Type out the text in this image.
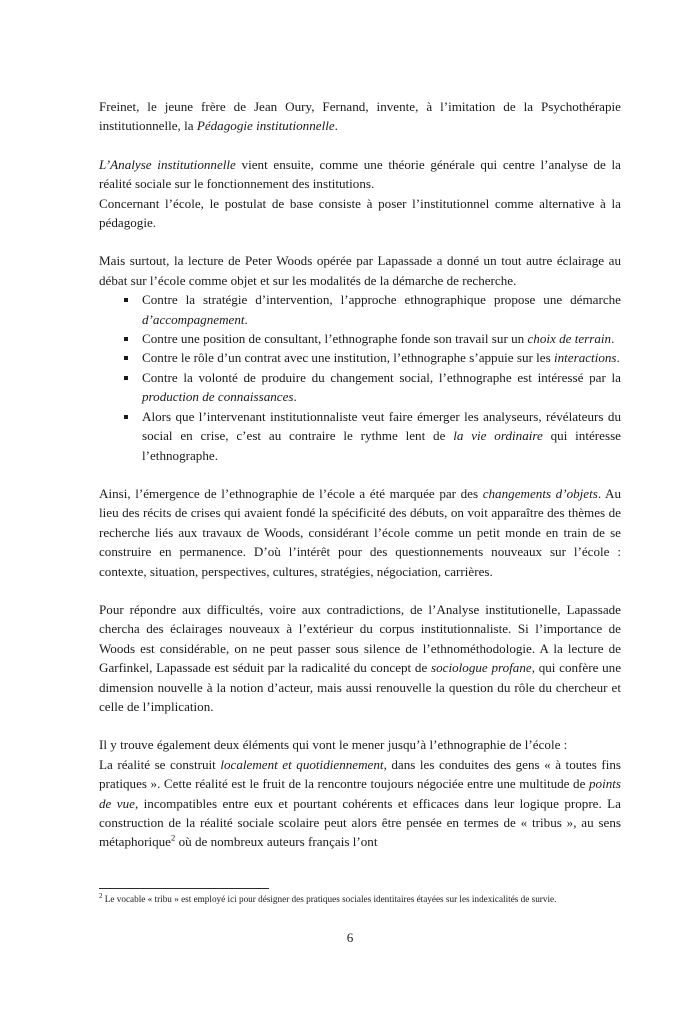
Freinet, le jeune frère de Jean Oury, Fernand, invente, à l’imitation de la Psychothérapie institutionnelle, la Pédagogie institutionnelle.

L’Analyse institutionnelle vient ensuite, comme une théorie générale qui centre l’analyse de la réalité sociale sur le fonctionnement des institutions.

Concernant l’école, le postulat de base consiste à poser l’institutionnel comme alternative à la pédagogie.

Mais surtout, la lecture de Peter Woods opérée par Lapassade a donné un tout autre éclairage au débat sur l’école comme objet et sur les modalités de la démarche de recherche.

Contre la stratégie d’intervention, l’approche ethnographique propose une démarche d’accompagnement.
Contre une position de consultant, l’ethnographe fonde son travail sur un choix de terrain.
Contre le rôle d’un contrat avec une institution, l’ethnographe s’appuie sur les interactions.
Contre la volonté de produire du changement social, l’ethnographe est intéressé par la production de connaissances.
Alors que l’intervenant institutionnaliste veut faire émerger les analyseurs, révélateurs du social en crise, c’est au contraire le rythme lent de la vie ordinaire qui intéresse l’ethnographe.

Ainsi, l’émergence de l’ethnographie de l’école a été marquée par des changements d’objets. Au lieu des récits de crises qui avaient fondé la spécificité des débuts, on voit apparaître des thèmes de recherche liés aux travaux de Woods, considérant l’école comme un petit monde en train de se construire en permanence. D’où l’intérêt pour des questionnements nouveaux sur l’école : contexte, situation, perspectives, cultures, stratégies, négociation, carrières.

Pour répondre aux difficultés, voire aux contradictions, de l’Analyse institutionelle, Lapassade chercha des éclairages nouveaux à l’extérieur du corpus institutionnaliste. Si l’importance de Woods est considérable, on ne peut passer sous silence de l’ethnométhodologie. A la lecture de Garfinkel, Lapassade est séduit par la radicalité du concept de sociologue profane, qui confère une dimension nouvelle à la notion d’acteur, mais aussi renouvelle la question du rôle du chercheur et celle de l’implication.

Il y trouve également deux éléments qui vont le mener jusqu’à l’ethnographie de l’école :

La réalité se construit localement et quotidiennement, dans les conduites des gens « à toutes fins pratiques ». Cette réalité est le fruit de la rencontre toujours négociée entre une multitude de points de vue, incompatibles entre eux et pourtant cohérents et efficaces dans leur logique propre. La construction de la réalité sociale scolaire peut alors être pensée en termes de « tribus », au sens métaphorique$^2$ où de nombreux auteurs français l’ont

$^2$ Le vocable « tribu » est employé ici pour désigner des pratiques sociales identitaires étayées sur les indexicalités de survie.

6
